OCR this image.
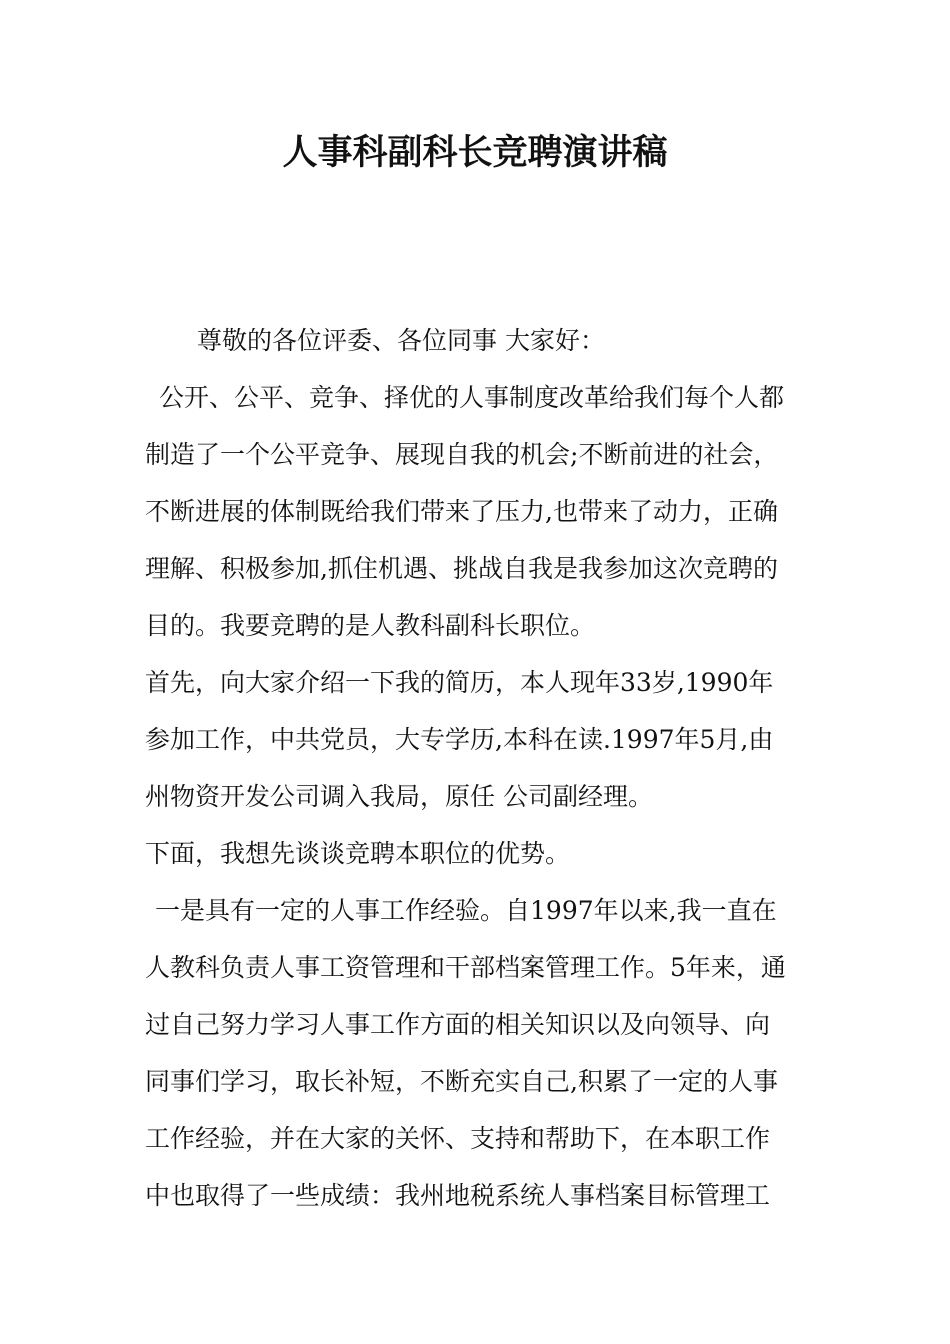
人事科副科长竞聘演讲稿
尊敬的各位评委、各位同事 大家好：
公开、公平、竞争、择优的人事制度改革给我们每个人都
制造了一个公平竞争、展现自我的机会;不断前进的社会，
不断进展的体制既给我们带来了压力,也带来了动力，正确
理解、积极参加,抓住机遇、挑战自我是我参加这次竞聘的
目的。我要竞聘的是人教科副科长职位。
首先，向大家介绍一下我的简历，本人现年33岁,1990年
参加工作，中共党员，大专学历,本科在读.1997年5月,由
州物资开发公司调入我局，原任 公司副经理。
下面，我想先谈谈竞聘本职位的优势。
一是具有一定的人事工作经验。自1997年以来,我一直在
人教科负责人事工资管理和干部档案管理工作。5年来，通
过自己努力学习人事工作方面的相关知识以及向领导、向
同事们学习，取长补短，不断充实自己,积累了一定的人事
工作经验，并在大家的关怀、支持和帮助下，在本职工作
中也取得了一些成绩：我州地税系统人事档案目标管理工
